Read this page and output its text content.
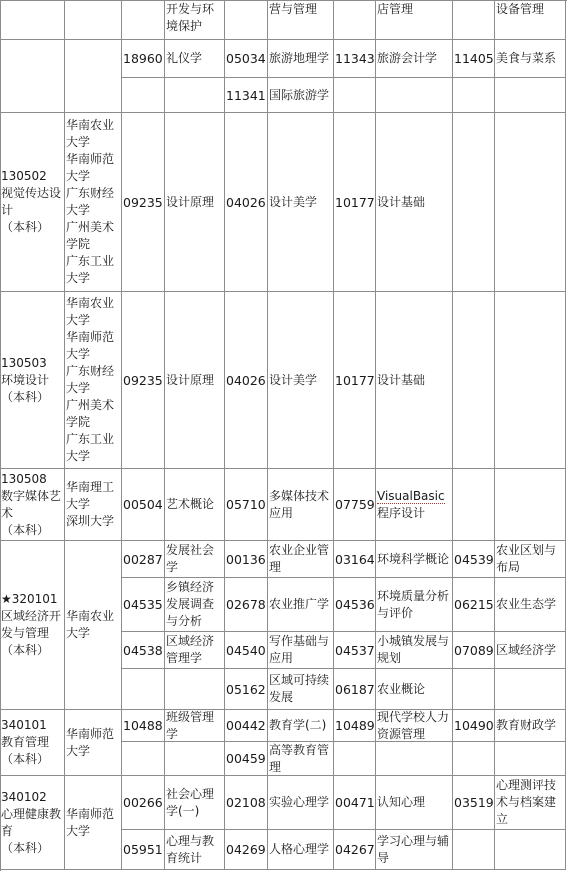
开发与环境保护
营与管理	店管理	设备管理
18960 礼仪学 05034 旅游地理学 11343 旅游会计学 11405 美食与菜系
11341 国际旅游学
130502
视觉传达设计
（本科）
华南农业大学
华南师范大学
广东财经大学
广州美术学院
广东工业大学
09235 设计原理 04026 设计美学 10177 设计基础
130503
环境设计
（本科）
华南农业大学
华南师范大学
广东财经大学
广州美术学院
广东工业大学
09235 设计原理 04026 设计美学 10177 设计基础
130508
数字媒体艺术
（本科）
华南理工大学
深圳大学
00504 艺术概论 05710
多媒体技术应用
07759
VisualBasic
程序设计
★320101
区域经济开发与管理
（本科）
华南农业大学
00287
发展社会学
00136
农业企业管理
03164 环境科学概论 04539
农业区划与布局
04535
乡镇经济发展调查与分析
02678 农业推广学 04536
环境质量分析与评价
06215 农业生态学
04538
区域经济管理学
04540
写作基础与应用
04537
小城镇发展与规划
07089 区域经济学
05162
区域可持续发展
06187 农业概论
340101
教育管理
（本科）
华南师范大学
10488
班级管理学
00442 教育学(二) 10489
现代学校人力资源管理
10490 教育财政学
00459
高等教育管理
340102
心理健康教育
（本科）
华南师范大学
00266
社会心理学(一)
02108 实验心理学 00471 认知心理 03519
心理测评技术与档案建立
05951
心理与教育统计
04269 人格心理学 04267
学习心理与辅导
